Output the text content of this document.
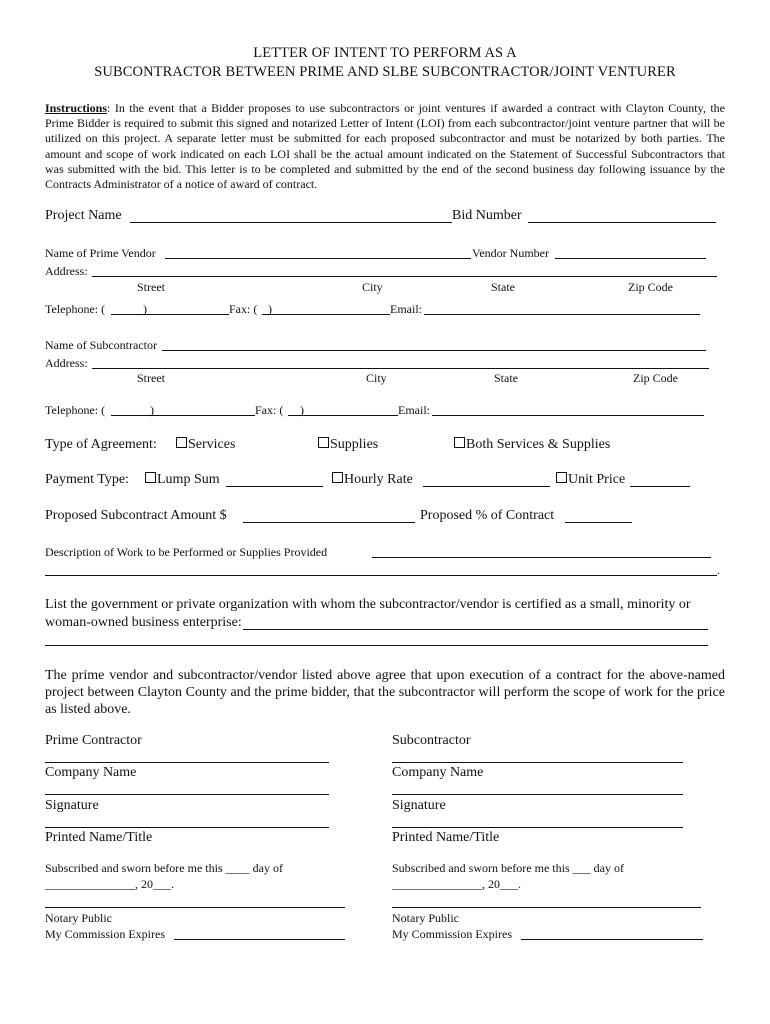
LETTER OF INTENT TO PERFORM AS A
SUBCONTRACTOR BETWEEN PRIME AND SLBE SUBCONTRACTOR/JOINT VENTURER
Instructions: In the event that a Bidder proposes to use subcontractors or joint ventures if awarded a contract with Clayton County, the Prime Bidder is required to submit this signed and notarized Letter of Intent (LOI) from each subcontractor/joint venture partner that will be utilized on this project. A separate letter must be submitted for each proposed subcontractor and must be notarized by both parties. The amount and scope of work indicated on each LOI shall be the actual amount indicated on the Statement of Successful Subcontractors that was submitted with the bid. This letter is to be completed and submitted by the end of the second business day following issuance by the Contracts Administrator of a notice of award of contract.
Project Name	Bid Number
Name of Prime Vendor	Vendor Number
Address:
Street	City	State	Zip Code
Telephone: (	)	Fax: ( )	Email:
Name of Subcontractor
Address:
Street	City	State	Zip Code
Telephone: (	)	Fax: ( )	Email:
Type of Agreement:	Services	Supplies	Both Services & Supplies
Payment Type:	Lump Sum	Hourly Rate	Unit Price
Proposed Subcontract Amount $	Proposed % of Contract
Description of Work to be Performed or Supplies Provided
.
List the government or private organization with whom the subcontractor/vendor is certified as a small, minority or
woman-owned business enterprise:
The prime vendor and subcontractor/vendor listed above agree that upon execution of a contract for the above-named project between Clayton County and the prime bidder, that the subcontractor will perform the scope of work for the price as listed above.
Prime Contractor
Company Name
Signature
Printed Name/Title
Subscribed and sworn before me this ____ day of
_______________, 20___.
Notary Public
My Commission Expires
Subcontractor
Company Name
Signature
Printed Name/Title
Subscribed and sworn before me this ___ day of
_______________, 20___.
Notary Public
My Commission Expires
